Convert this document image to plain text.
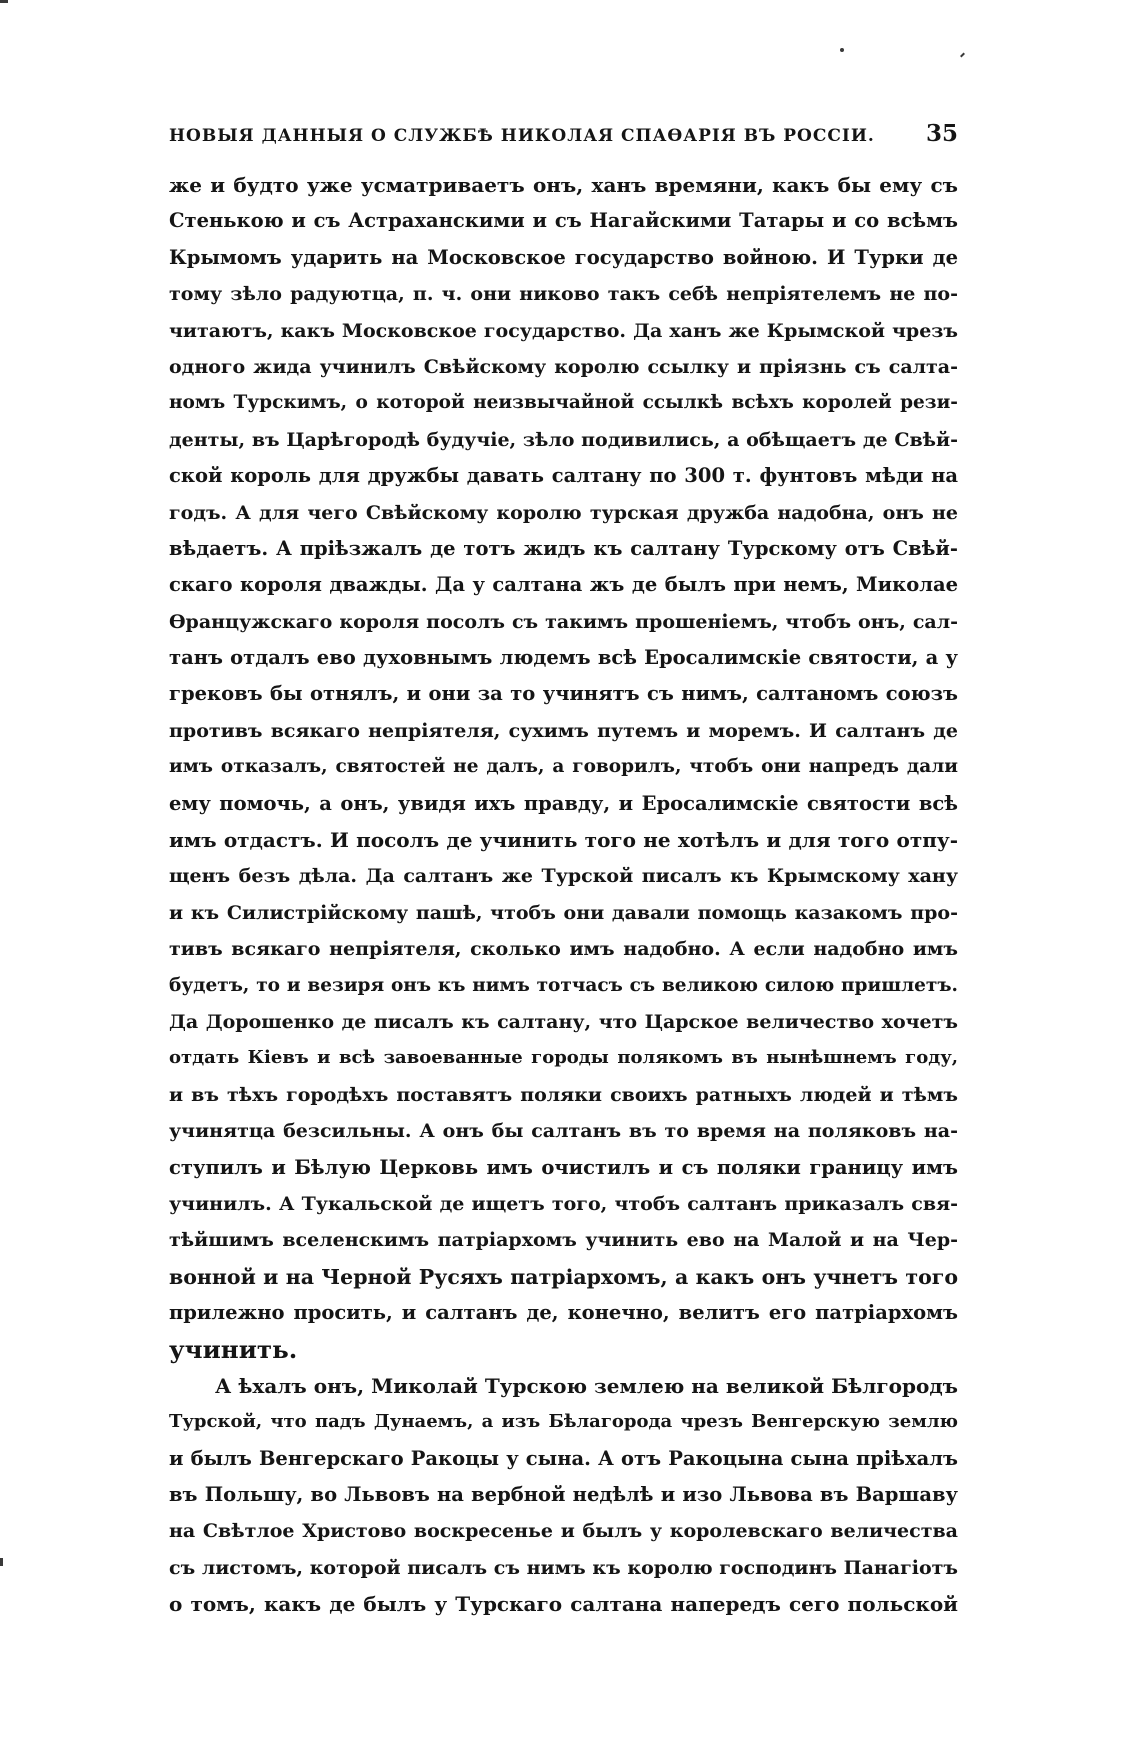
НОВЫЯ ДАННЫЯ О СЛУЖБѢ НИКОЛАЯ СПАѲАРІЯ ВЪ РОССІИ. 35
же и будто уже усматриваетъ онъ, ханъ времяни, какъ бы ему съ
Стенькою и съ Астраханскими и съ Нагайскими Татары и со всѣмъ
Крымомъ ударить на Московское государство войною. И Турки де
тому зѣло радуютца, п. ч. они никово такъ себѣ непріятелемъ не по-
читаютъ, какъ Московское государство. Да ханъ же Крымской чрезъ
одного жида учинилъ Свѣйскому королю ссылку и пріязнь съ салта-
номъ Турскимъ, о которой неизвычайной ссылкѣ всѣхъ королей рези-
денты, въ Царѣгородѣ будучіе, зѣло подивились, а обѣщаетъ де Свѣй-
ской король для дружбы давать салтану по 300 т. фунтовъ мѣди на
годъ. А для чего Свѣйскому королю турская дружба надобна, онъ не
вѣдаетъ. А пріѣзжалъ де тотъ жидъ къ салтану Турскому отъ Свѣй-
скаго короля дважды. Да у салтана жъ де былъ при немъ, Миколае
Ѳранцужскаго короля посолъ съ такимъ прошеніемъ, чтобъ онъ, сал-
танъ отдалъ ево духовнымъ людемъ всѣ Еросалимскіе святости, а у
грековъ бы отнялъ, и они за то учинятъ съ нимъ, салтаномъ союзъ
противъ всякаго непріятеля, сухимъ путемъ и моремъ. И салтанъ де
имъ отказалъ, святостей не далъ, а говорилъ, чтобъ они напредъ дали
ему помочь, а онъ, увидя ихъ правду, и Еросалимскіе святости всѣ
имъ отдастъ. И посолъ де учинить того не хотѣлъ и для того отпу-
щенъ безъ дѣла. Да салтанъ же Турской писалъ къ Крымскому хану
и къ Силистрійскому пашѣ, чтобъ они давали помощь казакомъ про-
тивъ всякаго непріятеля, сколько имъ надобно. А если надобно имъ
будетъ, то и везиря онъ къ нимъ тотчасъ съ великою силою пришлетъ.
Да Дорошенко де писалъ къ салтану, что Царское величество хочетъ
отдать Кіевъ и всѣ завоеванные городы полякомъ въ нынѣшнемъ году,
и въ тѣхъ городѣхъ поставятъ поляки своихъ ратныхъ людей и тѣмъ
учинятца безсильны. А онъ бы салтанъ въ то время на поляковъ на-
ступилъ и Бѣлую Церковь имъ очистилъ и съ поляки границу имъ
учинилъ. А Тукальской де ищетъ того, чтобъ салтанъ приказалъ свя-
тѣйшимъ вселенскимъ патріархомъ учинить ево на Малой и на Чер-
вонной и на Черной Русяхъ патріархомъ, а какъ онъ учнетъ того
прилежно просить, и салтанъ де, конечно, велитъ его патріархомъ
учинить.
А ѣхалъ онъ, Миколай Турскою землею на великой Бѣлгородъ
Турской, что падъ Дунаемъ, а изъ Бѣлагорода чрезъ Венгерскую землю
и былъ Венгерскаго Ракоцы у сына. А отъ Ракоцына сына пріѣхалъ
въ Польшу, во Львовъ на вербной недѣлѣ и изо Львова въ Варшаву
на Свѣтлое Христово воскресенье и былъ у королевскаго величества
съ листомъ, которой писалъ съ нимъ къ королю господинъ Панагіотъ
о томъ, какъ де былъ у Турскаго салтана напередъ сего польской
